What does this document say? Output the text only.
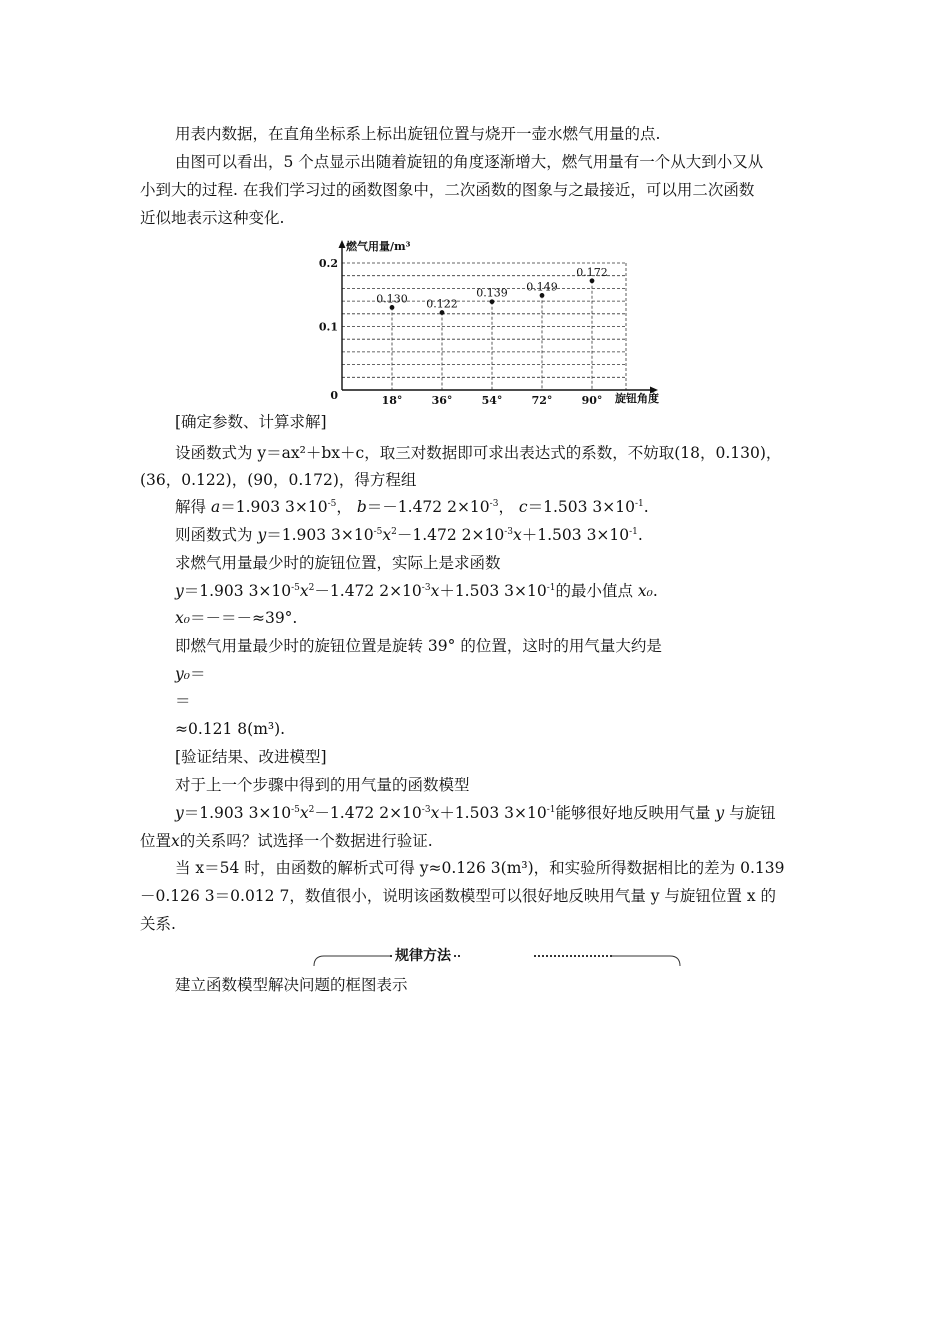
用表内数据，在直角坐标系上标出旋钮位置与烧开一壶水燃气用量的点.
由图可以看出，5 个点显示出随着旋钮的角度逐渐增大，燃气用量有一个从大到小又从
小到大的过程. 在我们学习过的函数图象中，二次函数的图象与之最接近，可以用二次函数
近似地表示这种变化.
燃气用量/m³
旋钮角度
0
0.1
0.2
0.130
18°
0.122
36°
0.139
54°
0.149
72°
0.172
90°
[确定参数、计算求解]
设函数式为 y＝ax²＋bx＋c，取三对数据即可求出表达式的系数，不妨取(18，0.130)，
(36，0.122)，(90，0.172)，得方程组
解得 a＝1.903 $3\times 10^{-5}$， b＝－1.472 $2\times 10^{-3}$， c＝1.503 $3\times 10^{-1}$.
则函数式为 y＝1.903 $3\times 10^{-5}x^2-1.472$ $2\times 10^{-3}x+1.503$ $3\times 10^{-1}$.
求燃气用量最少时的旋钮位置，实际上是求函数
y＝1.903 $3\times 10^{-5}x^2-1.472$ $2\times 10^{-3}x+1.503$ $3\times 10^{-1}$的最小值点 x₀.
x₀＝－＝－≈39°.
即燃气用量最少时的旋钮位置是旋转 39° 的位置，这时的用气量大约是
y₀＝
＝
≈0.121 8(m³).
[验证结果、改进模型]
对于上一个步骤中得到的用气量的函数模型
y＝1.903 $3\times 10^{-5}x^2-1.472$ $2\times 10^{-3}x+1.503$ $3\times 10^{-1}$能够很好地反映用气量 y 与旋钮
位置x的关系吗？试选择一个数据进行验证.
当 x＝54 时，由函数的解析式可得 y≈0.126 3(m³)，和实验所得数据相比的差为 0.139
－0.126 3＝0.012 7，数值很小，说明该函数模型可以很好地反映用气量 y 与旋钮位置 x 的
关系.
规律方法
建立函数模型解决问题的框图表示
